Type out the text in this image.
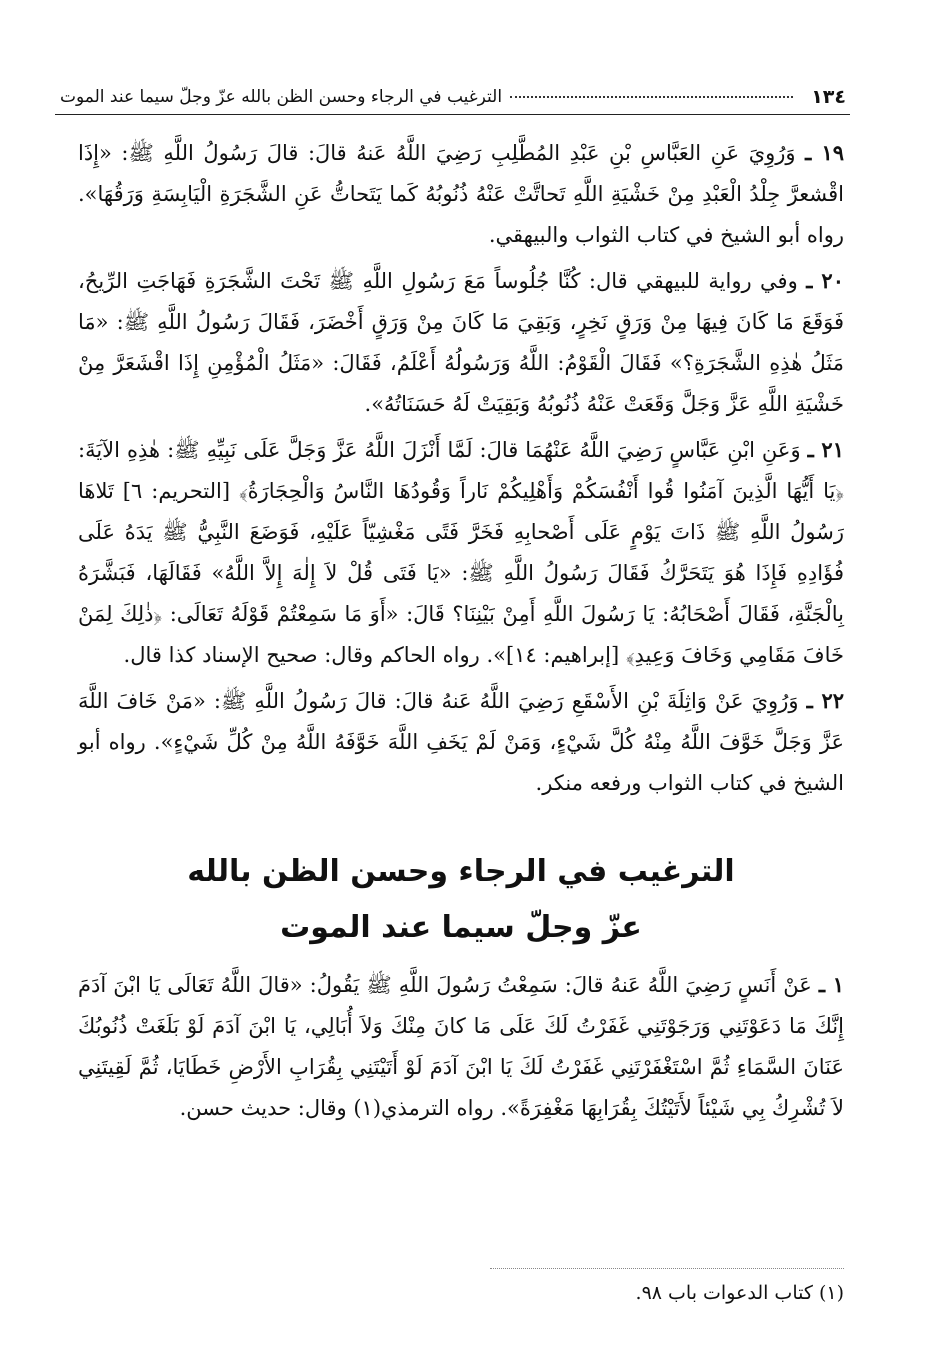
١٣٤
الترغيب في الرجاء وحسن الظن بالله عزّ وجلّ سيما عند الموت

١٩ ـ وَرُوِيَ عَنِ العَبَّاسِ بْنِ عَبْدِ المُطَّلِبِ رَضِيَ اللَّهُ عَنهُ قالَ: قالَ رَسُولُ اللَّهِ ﷺ: «إِذَا اقْشعرَّ جِلْدُ الْعَبْدِ مِنْ خَشْيَةِ اللَّهِ تَحاتَّتْ عَنْهُ ذُنُوبُهُ كَما يَتَحاتُّ عَنِ الشَّجَرَةِ الْيَابِسَةِ وَرَقُهَا». رواه أبو الشيخ في كتاب الثواب والبيهقي.

٢٠ ـ وفي رواية للبيهقي قال: كُنَّا جُلُوساً مَعَ رَسُولِ اللَّهِ ﷺ تَحْتَ الشَّجَرَةِ فَهَاجَتِ الرِّيحُ، فَوَقَعَ مَا كَانَ فِيهَا مِنْ وَرَقٍ نَخِرٍ، وَبَقِيَ مَا كَانَ مِنْ وَرَقٍ أَخْضَرَ، فَقَالَ رَسُولُ اللَّهِ ﷺ: «مَا مَثَلُ هٰذِهِ الشَّجَرَةِ؟» فَقَالَ الْقَوْمُ: اللَّهُ وَرَسُولُهُ أَعْلَمُ، فَقَالَ: «مَثَلُ الْمُؤْمِنِ إِذَا اقْشَعَرَّ مِنْ خَشْيَةِ اللَّهِ عَزَّ وَجَلَّ وَقَعَتْ عَنْهُ ذُنُوبُهُ وَبَقِيَتْ لَهُ حَسَنَاتُهُ».

٢١ ـ وَعَنِ ابْنِ عَبَّاسٍ رَضِيَ اللَّهُ عَنْهُمَا قالَ: لَمَّا أَنْزَلَ اللَّهُ عَزَّ وَجَلَّ عَلَى نَبِيِّهِ ﷺ: هٰذِهِ الآيَةَ: ﴿يَا أَيُّهَا الَّذِينَ آمَنُوا قُوا أَنْفُسَكُمْ وَأَهْلِيكُمْ نَاراً وَقُودُهَا النَّاسُ وَالْحِجَارَةُ﴾ [التحريم: ٦] تَلاهَا رَسُولُ اللَّهِ ﷺ ذَاتَ يَوْمٍ عَلَى أَصْحابِهِ فَخَرَّ فَتًى مَغْشِيّاً عَلَيْهِ، فَوَضَعَ النَّبِيُّ ﷺ يَدَهُ عَلَى فُؤَادِهِ فَإِذَا هُوَ يَتَحَرَّكُ فَقَالَ رَسُولُ اللَّهِ ﷺ: «يَا فَتَى قُلْ لاَ إِلٰهَ إِلاَّ اللَّهُ» فَقَالَهَا، فَبَشَّرَهُ بِالْجَنَّةِ، فَقَالَ أَصْحَابُهُ: يَا رَسُولَ اللَّهِ أَمِنْ بَيْنِنَا؟ قَالَ: «أَوَ مَا سَمِعْتُمْ قَوْلَهُ تَعَالَى: ﴿ذٰلِكَ لِمَنْ خَافَ مَقَامِي وَخَافَ وَعِيدِ﴾ [إبراهيم: ١٤]». رواه الحاكم وقال: صحيح الإسناد كذا قال.

٢٢ ـ وَرُوِيَ عَنْ وَاثِلَةَ بْنِ الأَسْقَعِ رَضِيَ اللَّهُ عَنهُ قالَ: قالَ رَسُولُ اللَّهِ ﷺ: «مَنْ خَافَ اللَّهَ عَزَّ وَجَلَّ خَوَّفَ اللَّهُ مِنْهُ كُلَّ شَيْءٍ، وَمَنْ لَمْ يَخَفِ اللَّهَ خَوَّفَهُ اللَّهُ مِنْ كُلِّ شَيْءٍ». رواه أبو الشيخ في كتاب الثواب ورفعه منكر.

الترغيب في الرجاء وحسن الظن بالله
عزّ وجلّ سيما عند الموت

١ ـ عَنْ أَنَسٍ رَضِيَ اللَّهُ عَنهُ قالَ: سَمِعْتُ رَسُولَ اللَّهِ ﷺ يَقُولُ: «قالَ اللَّهُ تَعَالَى يَا ابْنَ آدَمَ إِنَّكَ مَا دَعَوْتَنِي وَرَجَوْتَنِي غَفَرْتُ لَكَ عَلَى مَا كانَ مِنْكَ وَلاَ أُبَالِي، يَا ابْنَ آدَمَ لَوْ بَلَغَتْ ذُنُوبُكَ عَنَانَ السَّمَاءِ ثُمَّ اسْتَغْفَرْتَنِي غَفَرْتُ لَكَ يَا ابْنَ آدَمَ لَوْ أَتَيْتَنِي بِقُرَابِ الأَرْضِ خَطَايَا، ثُمَّ لَقِيتَنِي لاَ تُشْرِكُ بِي شَيْئاً لأَتَيْتُكَ بِقُرَابِهَا مَغْفِرَةً». رواه الترمذي(١) وقال: حديث حسن.

(١) كتاب الدعوات باب ٩٨.
